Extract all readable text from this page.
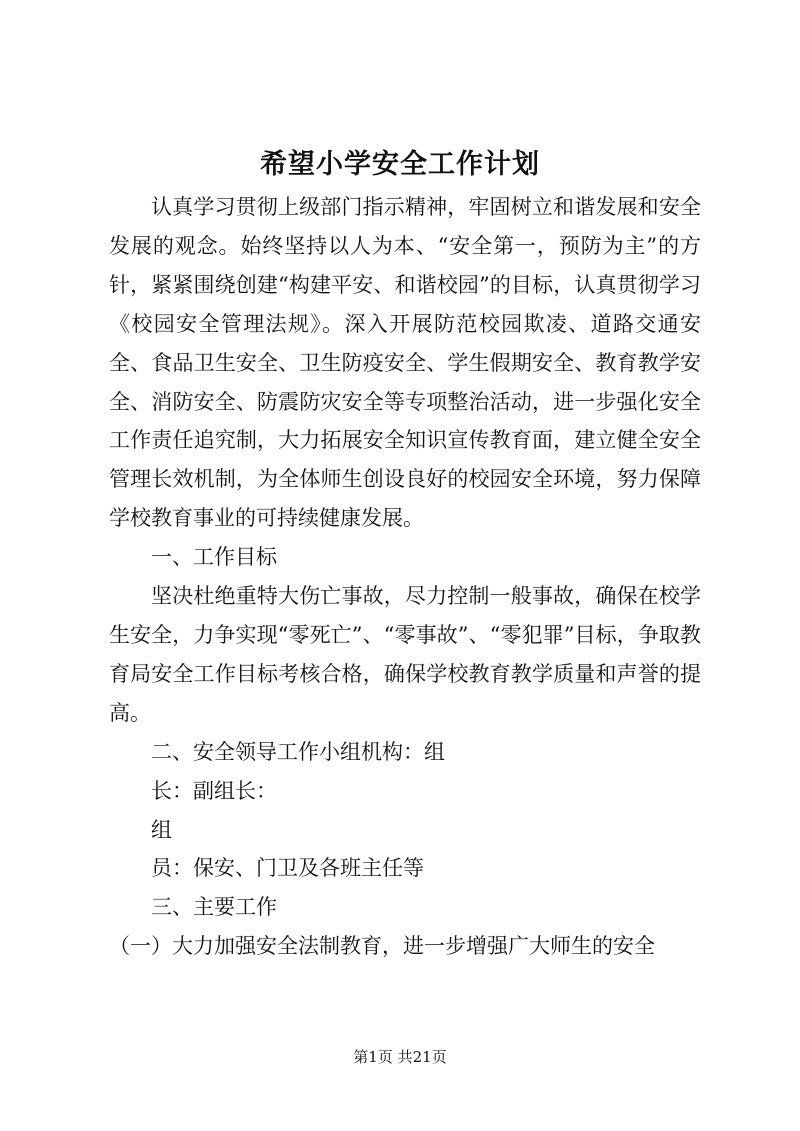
希望小学安全工作计划

认真学习贯彻上级部门指示精神，牢固树立和谐发展和安全发展的观念。始终坚持以人为本、“安全第一，预防为主”的方针，紧紧围绕创建“构建平安、和谐校园”的目标，认真贯彻学习《校园安全管理法规》。深入开展防范校园欺凌、道路交通安全、食品卫生安全、卫生防疫安全、学生假期安全、教育教学安全、消防安全、防震防灾安全等专项整治活动，进一步强化安全工作责任追究制，大力拓展安全知识宣传教育面，建立健全安全管理长效机制，为全体师生创设良好的校园安全环境，努力保障学校教育事业的可持续健康发展。

一、工作目标

坚决杜绝重特大伤亡事故，尽力控制一般事故，确保在校学生安全，力争实现“零死亡”、“零事故”、“零犯罪”目标，争取教育局安全工作目标考核合格，确保学校教育教学质量和声誉的提高。

二、安全领导工作小组机构：组

长：副组长：

组

员：保安、门卫及各班主任等

三、主要工作

（一）大力加强安全法制教育，进一步增强广大师生的安全

第1页 共21页
